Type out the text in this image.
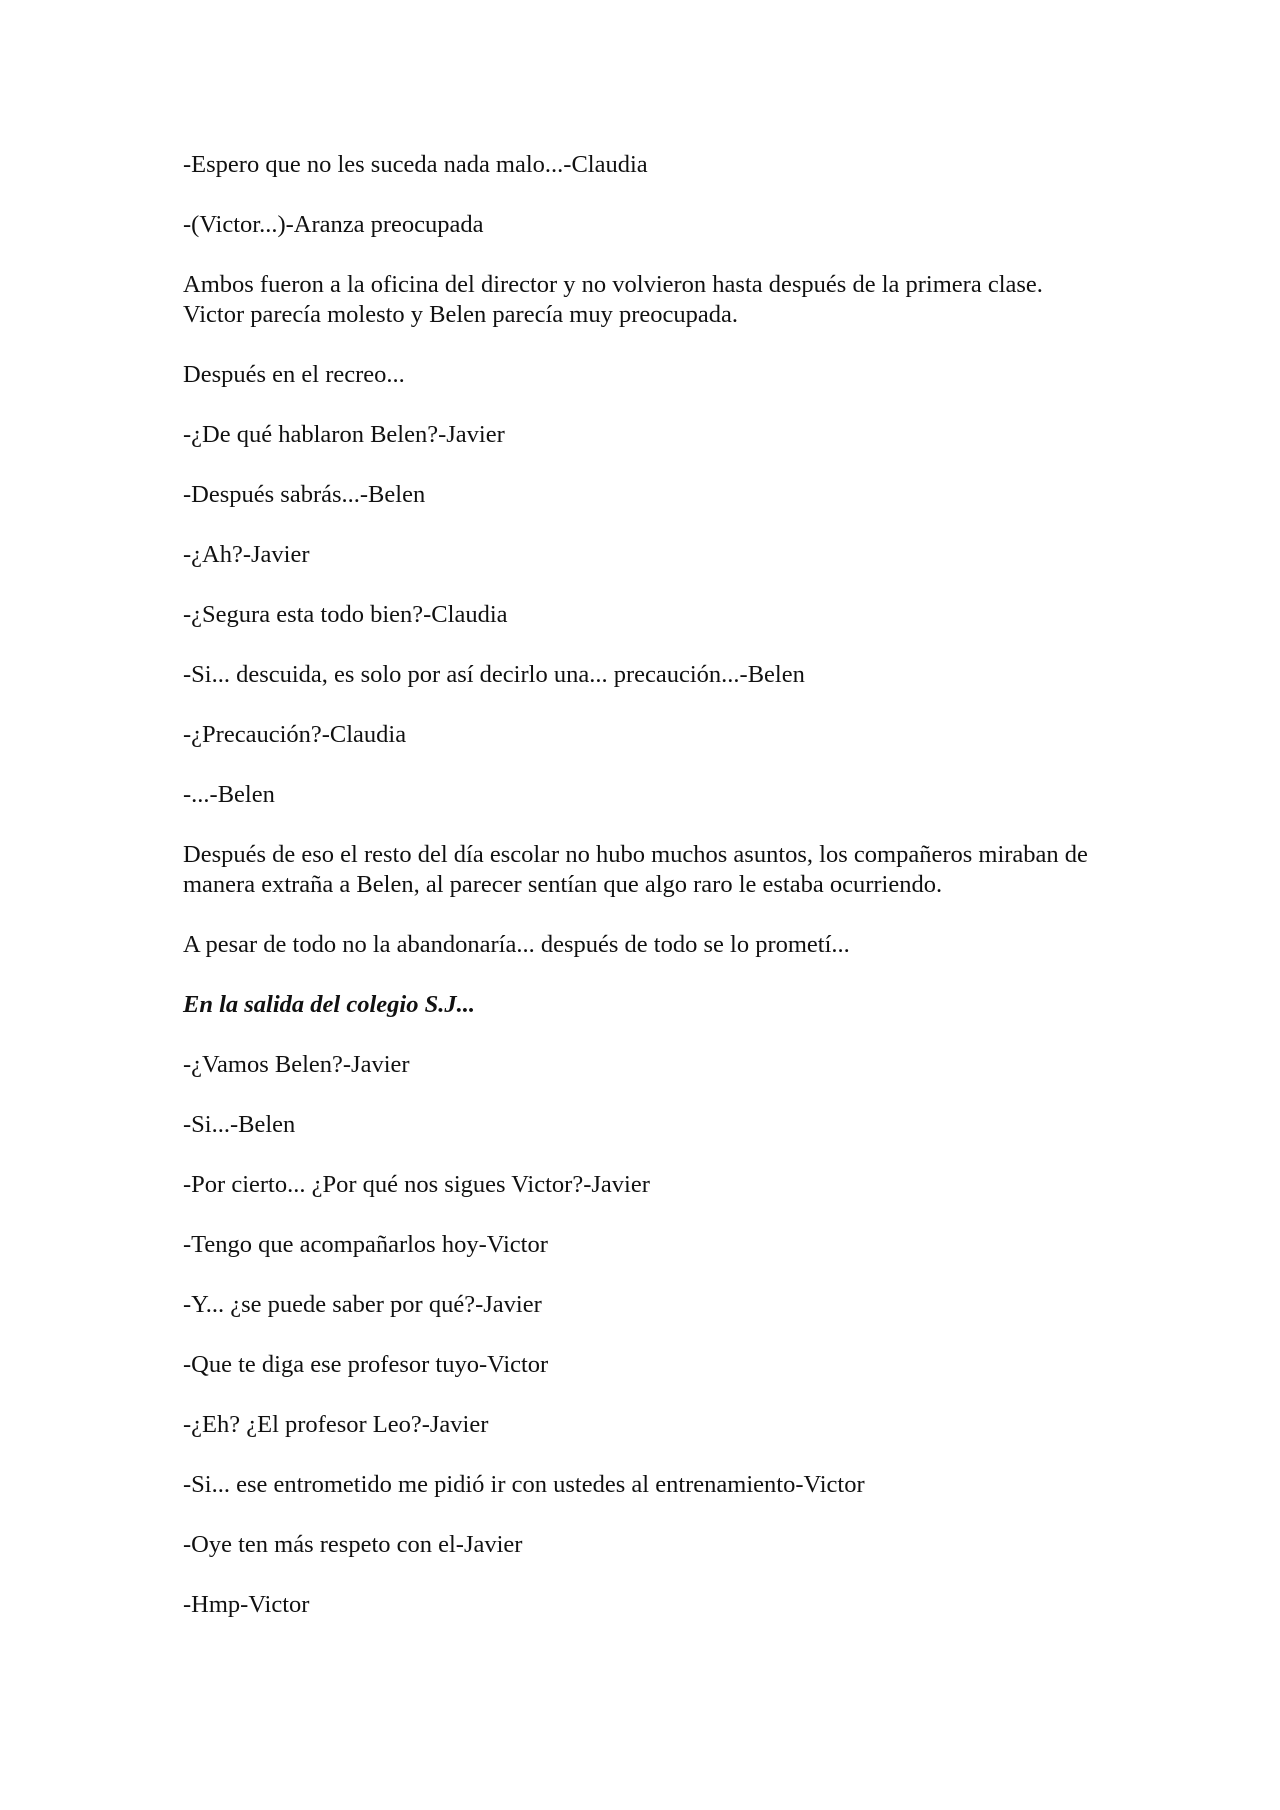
-Espero que no les suceda nada malo...-Claudia

-(Victor...)-Aranza preocupada

Ambos fueron a la oficina del director y no volvieron hasta después de la primera clase. Victor parecía molesto y Belen parecía muy preocupada.

Después en el recreo...

-¿De qué hablaron Belen?-Javier

-Después sabrás...-Belen

-¿Ah?-Javier

-¿Segura esta todo bien?-Claudia

-Si... descuida, es solo por así decirlo una... precaución...-Belen

-¿Precaución?-Claudia

-...-Belen

Después de eso el resto del día escolar no hubo muchos asuntos, los compañeros miraban de manera extraña a Belen, al parecer sentían que algo raro le estaba ocurriendo.

A pesar de todo no la abandonaría... después de todo se lo prometí...

En la salida del colegio S.J...

-¿Vamos Belen?-Javier

-Si...-Belen

-Por cierto... ¿Por qué nos sigues Victor?-Javier

-Tengo que acompañarlos hoy-Victor

-Y... ¿se puede saber por qué?-Javier

-Que te diga ese profesor tuyo-Victor

-¿Eh? ¿El profesor Leo?-Javier

-Si... ese entrometido me pidió ir con ustedes al entrenamiento-Victor

-Oye ten más respeto con el-Javier

-Hmp-Victor
